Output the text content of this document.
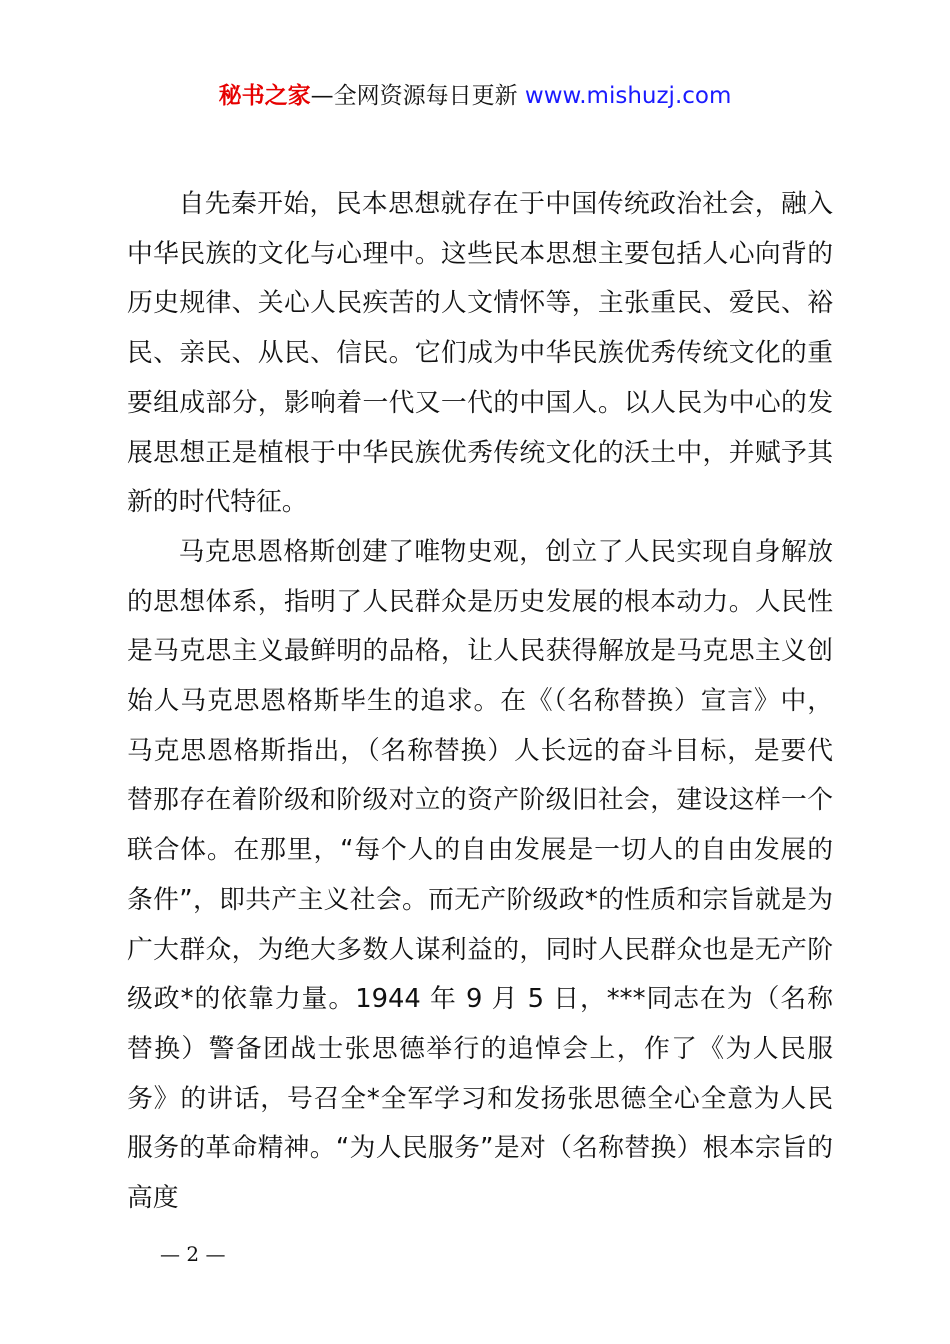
秘书之家—全网资源每日更新 www.mishuzj.com

自先秦开始，民本思想就存在于中国传统政治社会，融入中华民族的文化与心理中。这些民本思想主要包括人心向背的历史规律、关心人民疾苦的人文情怀等，主张重民、爱民、裕民、亲民、从民、信民。它们成为中华民族优秀传统文化的重要组成部分，影响着一代又一代的中国人。以人民为中心的发展思想正是植根于中华民族优秀传统文化的沃土中，并赋予其新的时代特征。

马克思恩格斯创建了唯物史观，创立了人民实现自身解放的思想体系，指明了人民群众是历史发展的根本动力。人民性是马克思主义最鲜明的品格，让人民获得解放是马克思主义创始人马克思恩格斯毕生的追求。在《（名称替换）宣言》中，马克思恩格斯指出，（名称替换）人长远的奋斗目标，是要代替那存在着阶级和阶级对立的资产阶级旧社会，建设这样一个联合体。在那里，“每个人的自由发展是一切人的自由发展的条件”，即共产主义社会。而无产阶级政*的性质和宗旨就是为广大群众，为绝大多数人谋利益的，同时人民群众也是无产阶级政*的依靠力量。1944 年 9 月 5 日，***同志在为（名称替换）警备团战士张思德举行的追悼会上，作了《为人民服务》的讲话，号召全*全军学习和发扬张思德全心全意为人民服务的革命精神。“为人民服务”是对（名称替换）根本宗旨的高度

— 2 —
